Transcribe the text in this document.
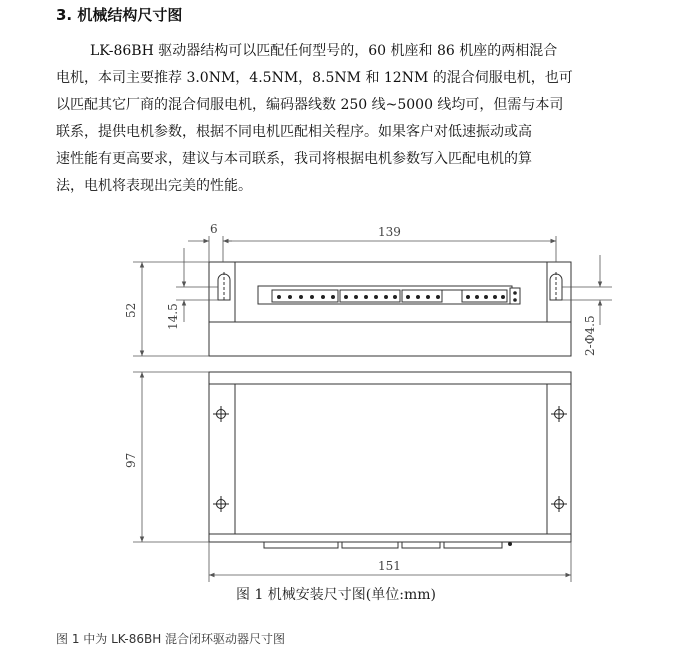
3. 机械结构尺寸图
LK-86BH 驱动器结构可以匹配任何型号的，60 机座和 86 机座的两相混合
电机，本司主要推荐 3.0NM，4.5NM，8.5NM 和 12NM 的混合伺服电机，也可
以匹配其它厂商的混合伺服电机，编码器线数 250 线~5000 线均可，但需与本司
联系，提供电机参数，根据不同电机匹配相关程序。如果客户对低速振动或高
速性能有更高要求，建议与本司联系，我司将根据电机参数写入匹配电机的算
法，电机将表现出完美的性能。
139
6
52 14.5	2-Φ4.5
97
151
图 1 机械安装尺寸图(单位:mm)
图 1 中为 LK-86BH 混合闭环驱动器尺寸图
